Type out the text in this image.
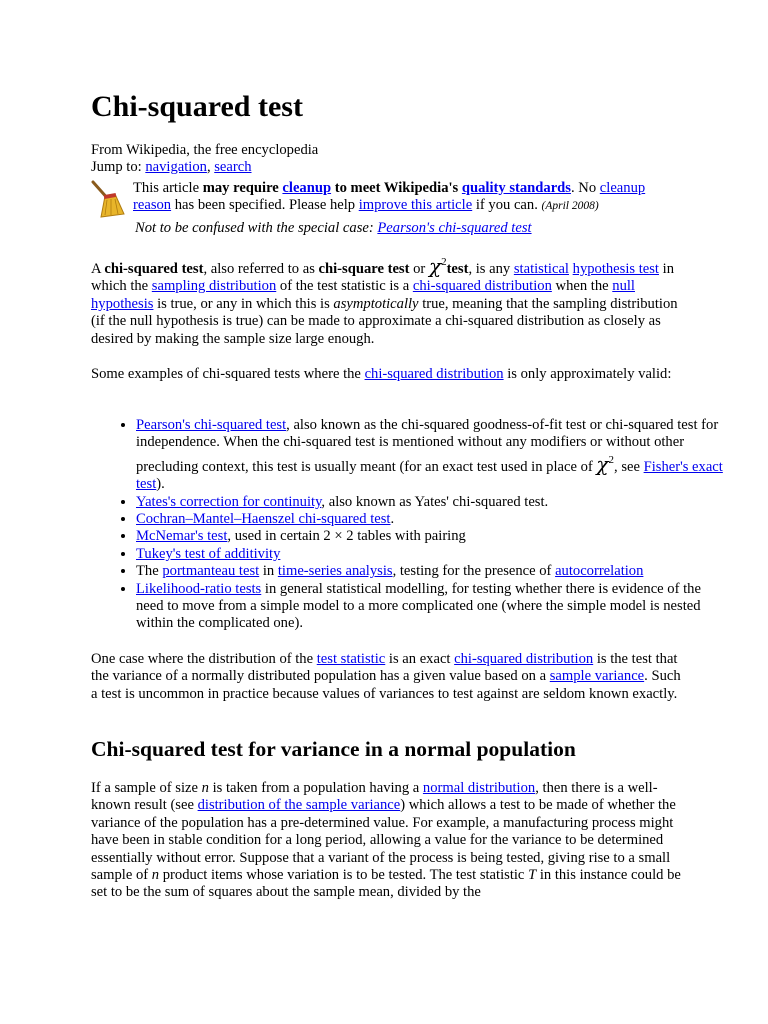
Chi-squared test
From Wikipedia, the free encyclopedia
Jump to: navigation, search
This article may require cleanup to meet Wikipedia's quality standards. No cleanup reason has been specified. Please help improve this article if you can. (April 2008)
Not to be confused with the special case: Pearson's chi-squared test

A chi-squared test, also referred to as chi-square test or $\chi^2test$, is any statistical hypothesis test in which the sampling distribution of the test statistic is a chi-squared distribution when the null hypothesis is true, or any in which this is asymptotically true, meaning that the sampling distribution (if the null hypothesis is true) can be made to approximate a chi-squared distribution as closely as desired by making the sample size large enough.

Some examples of chi-squared tests where the chi-squared distribution is only approximately valid:

• Pearson's chi-squared test, also known as the chi-squared goodness-of-fit test or chi-squared test for independence. When the chi-squared test is mentioned without any modifiers or without other precluding context, this test is usually meant (for an exact test used in place of $\chi^2$, see Fisher's exact test).
• Yates's correction for continuity, also known as Yates' chi-squared test.
• Cochran–Mantel–Haenszel chi-squared test.
• McNemar's test, used in certain 2 × 2 tables with pairing
• Tukey's test of additivity
• The portmanteau test in time-series analysis, testing for the presence of autocorrelation
• Likelihood-ratio tests in general statistical modelling, for testing whether there is evidence of the need to move from a simple model to a more complicated one (where the simple model is nested within the complicated one).

One case where the distribution of the test statistic is an exact chi-squared distribution is the test that the variance of a normally distributed population has a given value based on a sample variance. Such a test is uncommon in practice because values of variances to test against are seldom known exactly.

Chi-squared test for variance in a normal population

If a sample of size n is taken from a population having a normal distribution, then there is a well-known result (see distribution of the sample variance) which allows a test to be made of whether the variance of the population has a pre-determined value. For example, a manufacturing process might have been in stable condition for a long period, allowing a value for the variance to be determined essentially without error. Suppose that a variant of the process is being tested, giving rise to a small sample of n product items whose variation is to be tested. The test statistic T in this instance could be set to be the sum of squares about the sample mean, divided by the
